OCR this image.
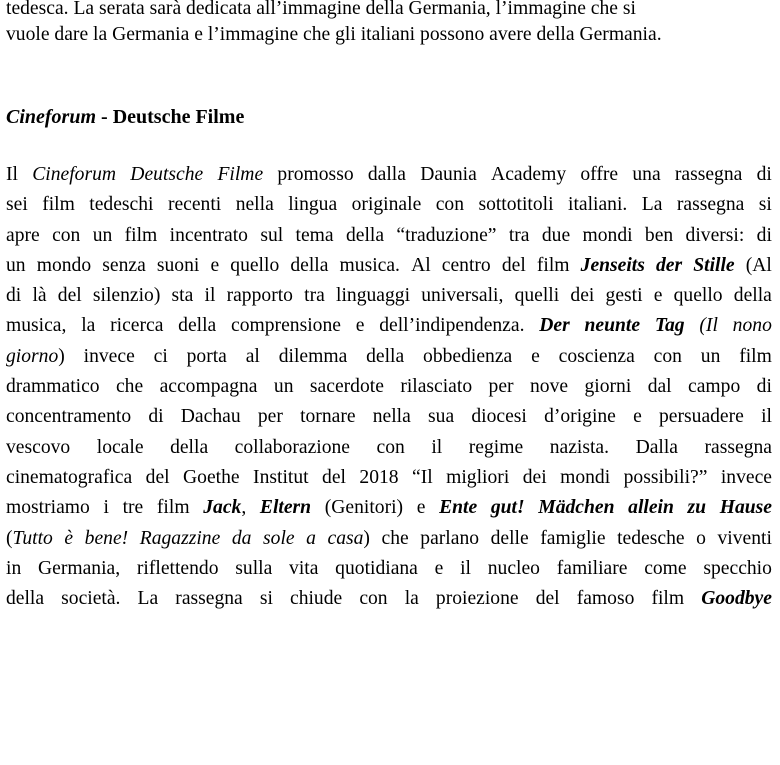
tedesca. La serata sarà dedicata all’immagine della Germania, l’immagine che si
vuole dare la Germania e l’immagine che gli italiani possono avere della Germania.

Cineforum - Deutsche Filme
Il Cineforum Deutsche Filme promosso dalla Daunia Academy offre una rassegna di
sei film tedeschi recenti nella lingua originale con sottotitoli italiani. La rassegna si
apre con un film incentrato sul tema della “traduzione” tra due mondi ben diversi: di
un mondo senza suoni e quello della musica. Al centro del film Jenseits der Stille (Al
di là del silenzio) sta il rapporto tra linguaggi universali, quelli dei gesti e quello della
musica, la ricerca della comprensione e dell’indipendenza. Der neunte Tag (Il nono
giorno) invece ci porta al dilemma della obbedienza e coscienza con un film
drammatico che accompagna un sacerdote rilasciato per nove giorni dal campo di
concentramento di Dachau per tornare nella sua diocesi d’origine e persuadere il
vescovo locale della collaborazione con il regime nazista. Dalla rassegna
cinematografica del Goethe Institut del 2018 “Il migliori dei mondi possibili?” invece
mostriamo i tre film Jack, Eltern (Genitori) e Ente gut! Mädchen allein zu Hause
(Tutto è bene! Ragazzine da sole a casa) che parlano delle famiglie tedesche o viventi
in Germania, riflettendo sulla vita quotidiana e il nucleo familiare come specchio
della società. La rassegna si chiude con la proiezione del famoso film Goodbye
